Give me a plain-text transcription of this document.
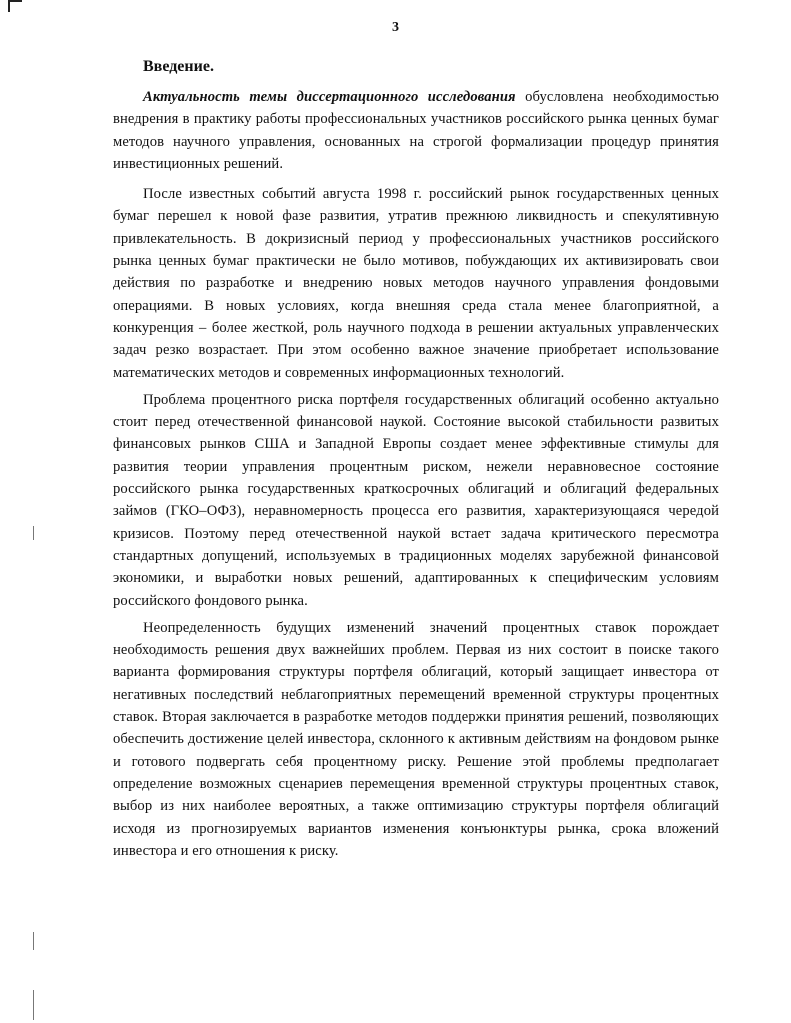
3
Введение.

Актуальность темы диссертационного исследования обусловлена необходимостью внедрения в практику работы профессиональных участников российского рынка ценных бумаг методов научного управления, основанных на строгой формализации процедур принятия инвестиционных решений.

После известных событий августа 1998 г. российский рынок государственных ценных бумаг перешел к новой фазе развития, утратив прежнюю ликвидность и спекулятивную привлекательность. В докризисный период у профессиональных участников российского рынка ценных бумаг практически не было мотивов, побуждающих их активизировать свои действия по разработке и внедрению новых методов научного управления фондовыми операциями. В новых условиях, когда внешняя среда стала менее благоприятной, а конкуренция – более жесткой, роль научного подхода в решении актуальных управленческих задач резко возрастает. При этом особенно важное значение приобретает использование математических методов и современных информационных технологий.

Проблема процентного риска портфеля государственных облигаций особенно актуально стоит перед отечественной финансовой наукой. Состояние высокой стабильности развитых финансовых рынков США и Западной Европы создает менее эффективные стимулы для развития теории управления процентным риском, нежели неравновесное состояние российского рынка государственных краткосрочных облигаций и облигаций федеральных займов (ГКО–ОФЗ), неравномерность процесса его развития, характеризующаяся чередой кризисов. Поэтому перед отечественной наукой встает задача критического пересмотра стандартных допущений, используемых в традиционных моделях зарубежной финансовой экономики, и выработки новых решений, адаптированных к специфическим условиям российского фондового рынка.

Неопределенность будущих изменений значений процентных ставок порождает необходимость решения двух важнейших проблем. Первая из них состоит в поиске такого варианта формирования структуры портфеля облигаций, который защищает инвестора от негативных последствий неблагоприятных перемещений временной структуры процентных ставок. Вторая заключается в разработке методов поддержки принятия решений, позволяющих обеспечить достижение целей инвестора, склонного к активным действиям на фондовом рынке и готового подвергать себя процентному риску. Решение этой проблемы предполагает определение возможных сценариев перемещения временной структуры процентных ставок, выбор из них наиболее вероятных, а также оптимизацию структуры портфеля облигаций исходя из прогнозируемых вариантов изменения конъюнктуры рынка, срока вложений инвестора и его отношения к риску.
